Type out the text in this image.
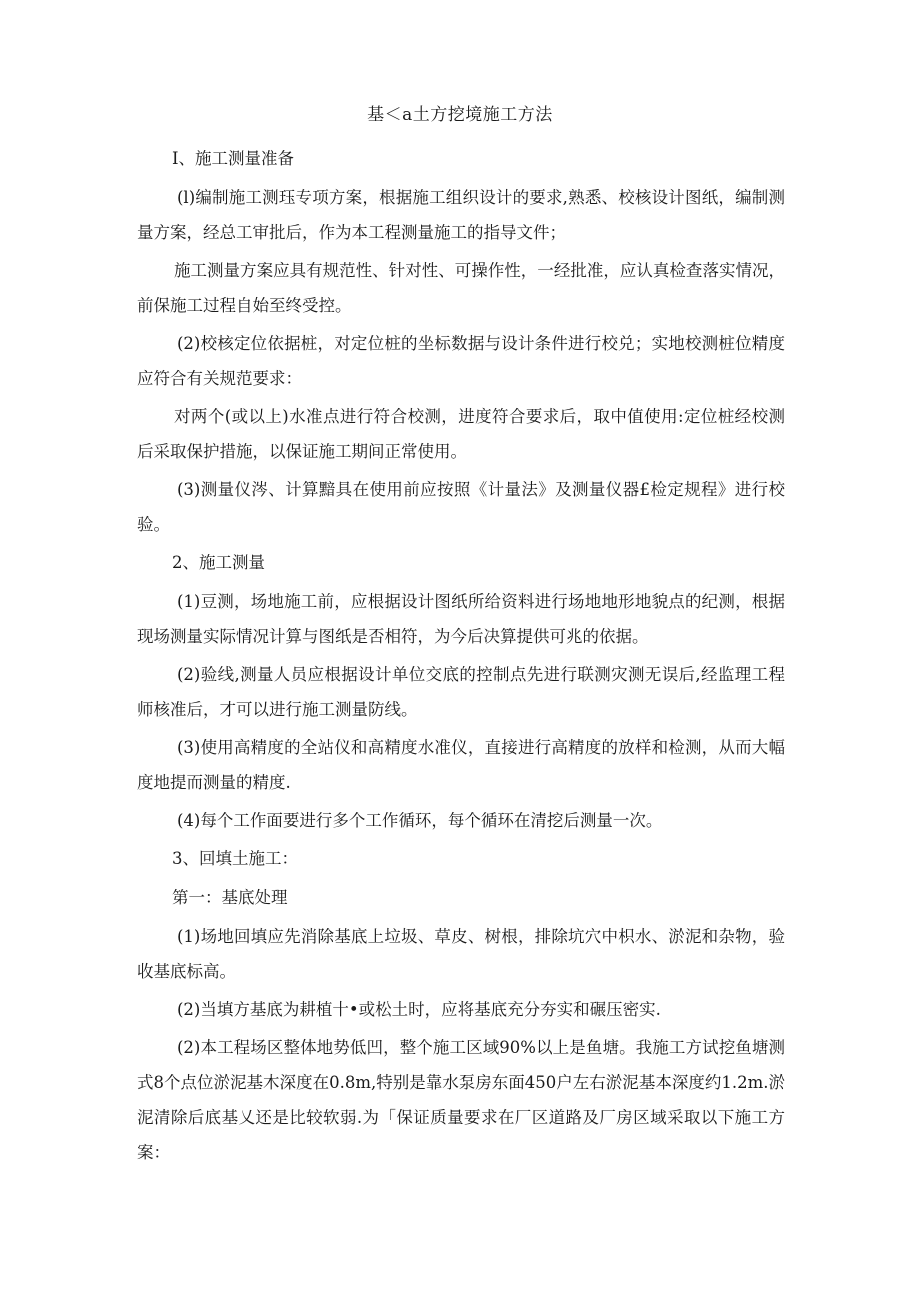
基＜a土方挖境施工方法

I、施工测量准备

(l)编制施工测珏专项方案，根据施工组织设计的要求,熟悉、校核设计图纸，编制测量方案，经总工审批后，作为本工程测量施工的指导文件；

施工测量方案应具有规范性、针对性、可操作性，一经批准，应认真检查落实情况，前保施工过程自始至终受控。

(2)校核定位依据桩，对定位桩的坐标数据与设计条件进行校兑；实地校测桩位精度应符合有关规范要求：

对两个(或以上)水准点进行符合校测，进度符合要求后，取中值使用:定位桩经校测后采取保护措施，以保证施工期间正常使用。

(3)测量仪涔、计算黯具在使用前应按照《计量法》及测量仪器£检定规程》进行校验。

2、施工测量

(1)豆测，场地施工前，应根据设计图纸所给资料进行场地地形地貌点的纪测，根据现场测量实际情况计算与图纸是否相符，为今后决算提供可兆的依据。

(2)验线,测量人员应根据设计单位交底的控制点先进行联测灾测无误后,经监理工程师核准后，才可以进行施工测量防线。

(3)使用高精度的全站仪和高精度水准仪，直接进行高精度的放样和检测，从而大幅度地提而测量的精度.

(4)每个工作面要进行多个工作循环，每个循环在清挖后测量一次。

3、回填土施工：

第一：基底处理

(1)场地回填应先消除基底上垃圾、草皮、树根，排除坑穴中枳水、淤泥和杂物，验收基底标高。

(2)当填方基底为耕植十•或松土时，应将基底充分夯实和碾压密实.

(2)本工程场区整体地势低凹，整个施工区域90%以上是鱼塘。我施工方试挖鱼塘测式8个点位淤泥基木深度在0.8m,特别是靠水泵房东面450户左右淤泥基本深度约1.2m.淤泥清除后底基乂还是比较软弱.为「保证质量要求在厂区道路及厂房区域采取以下施工方案：
